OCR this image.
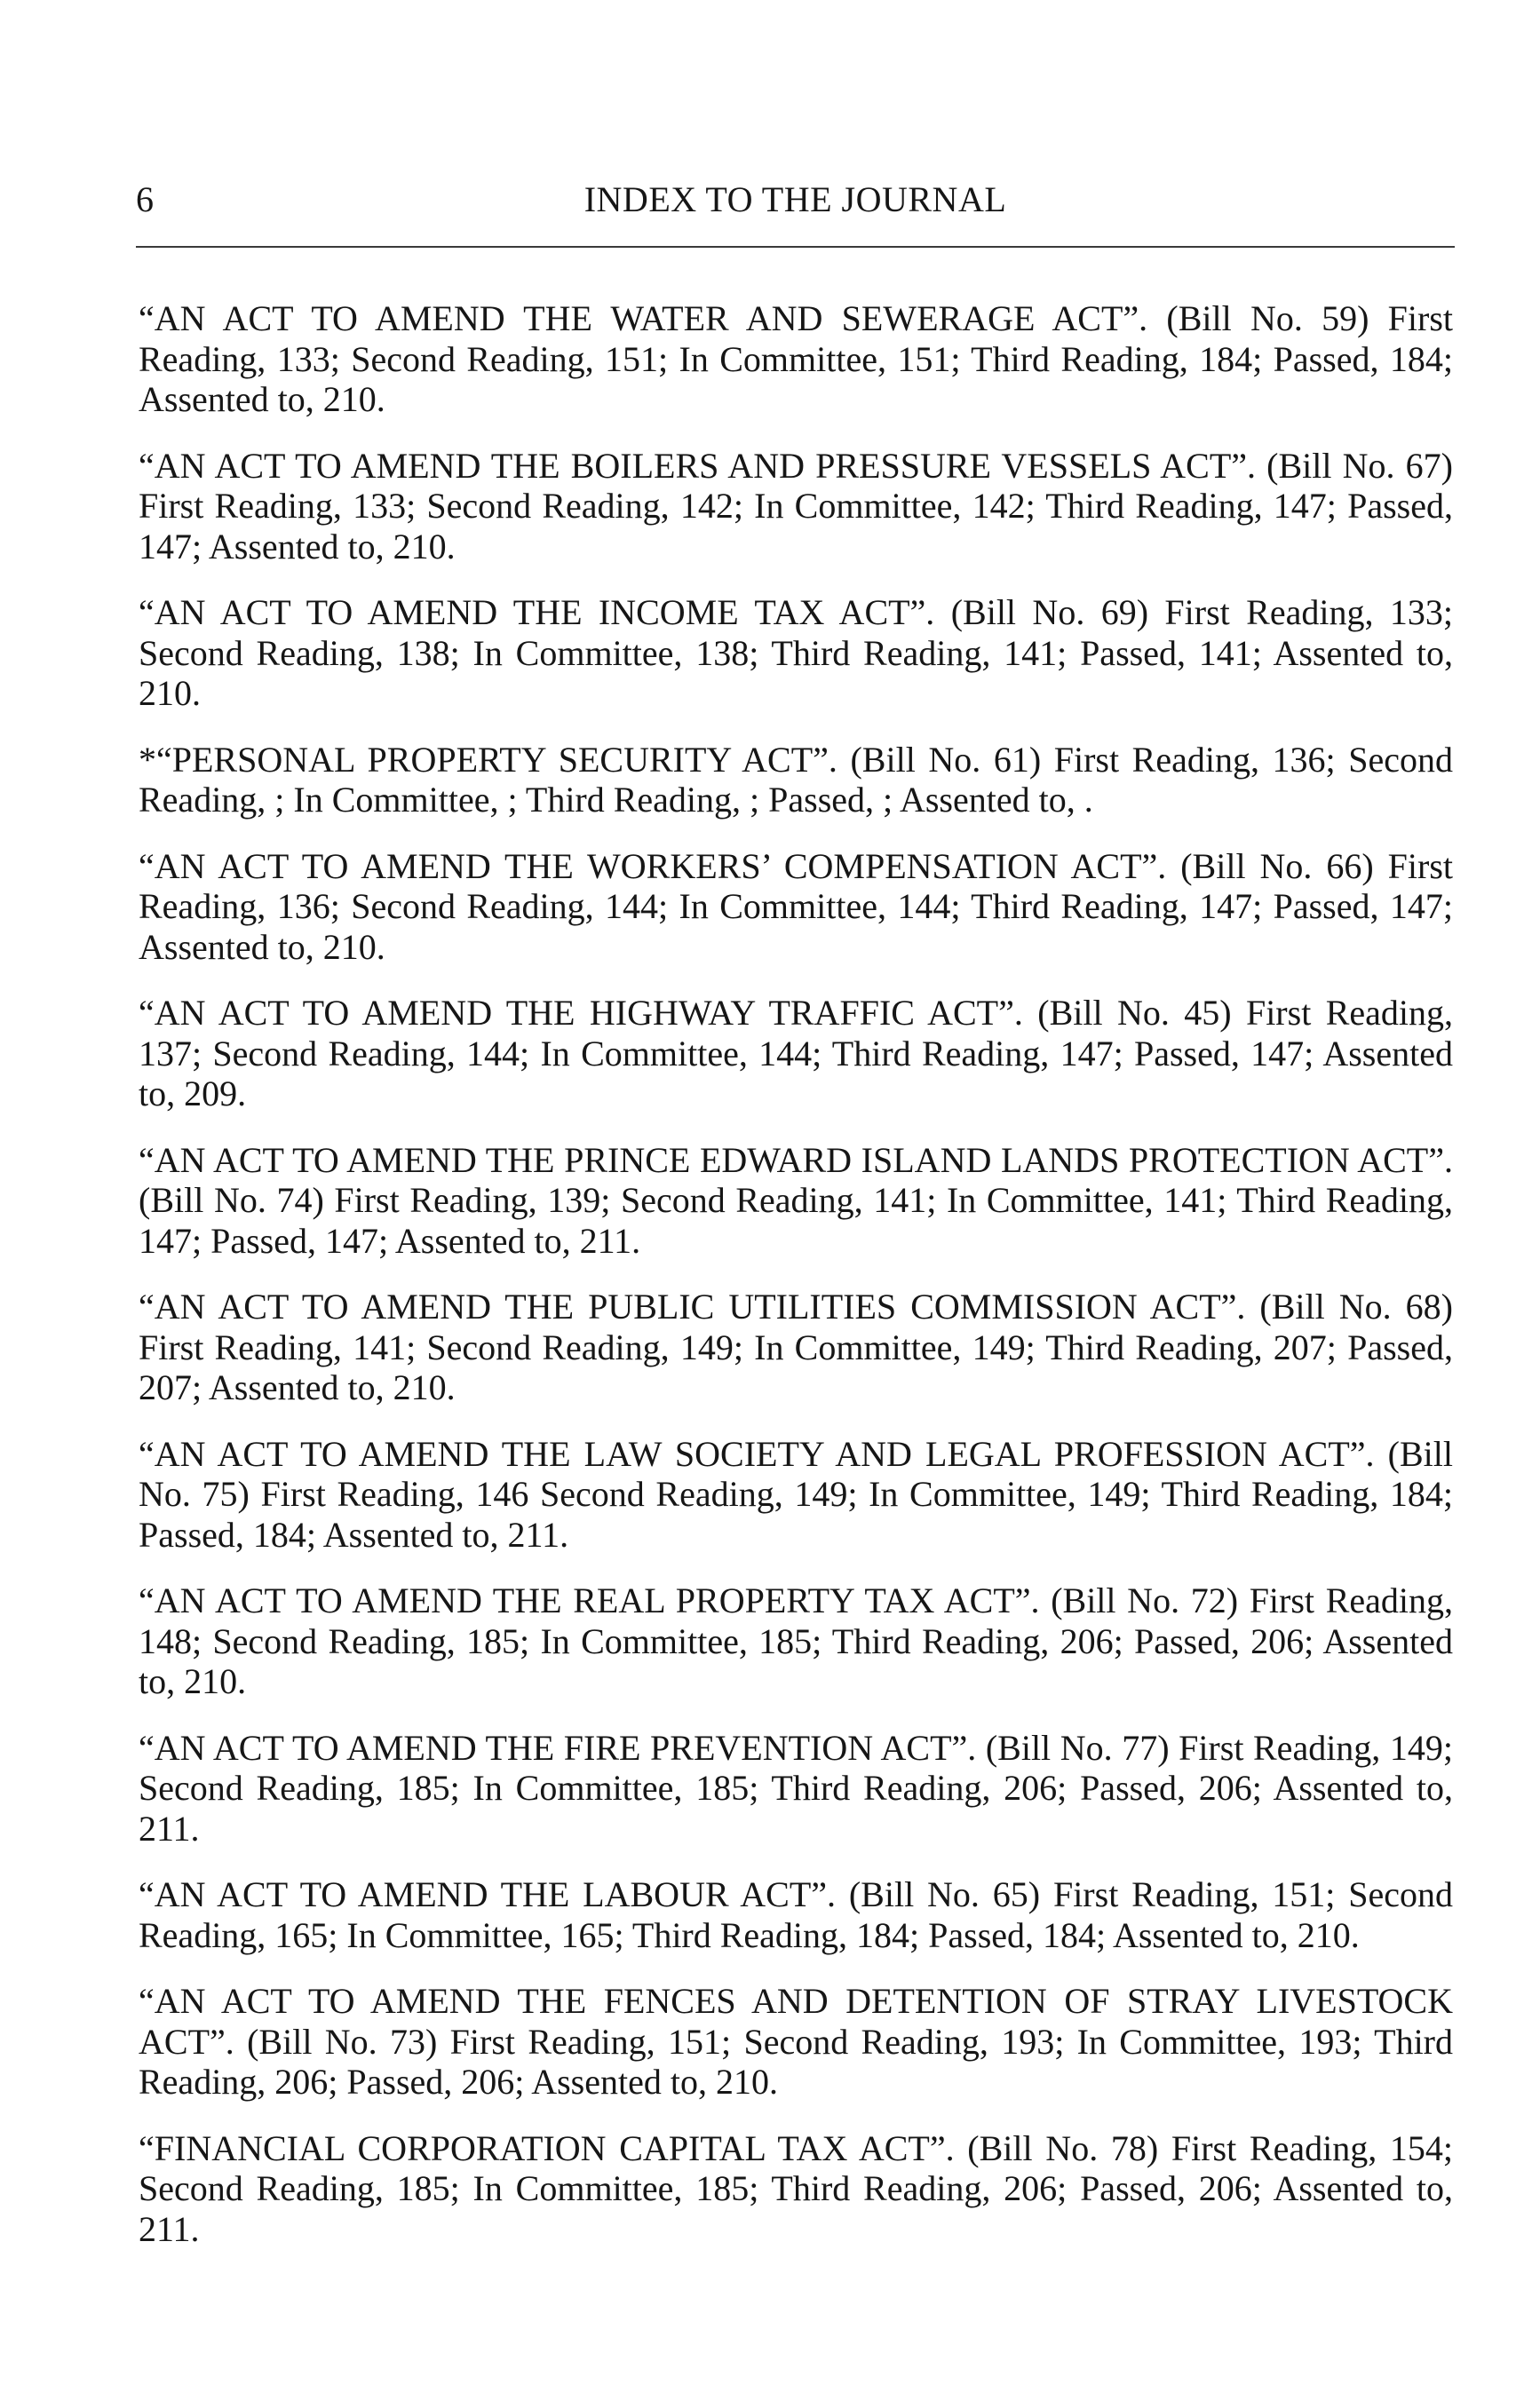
6	INDEX TO THE JOURNAL

“AN ACT TO AMEND THE WATER AND SEWERAGE ACT”. (Bill No. 59) First Reading, 133; Second Reading, 151; In Committee, 151; Third Reading, 184; Passed, 184; Assented to, 210.

“AN ACT TO AMEND THE BOILERS AND PRESSURE VESSELS ACT”. (Bill No. 67) First Reading, 133; Second Reading, 142; In Committee, 142; Third Reading, 147; Passed, 147; Assented to, 210.

“AN ACT TO AMEND THE INCOME TAX ACT”. (Bill No. 69) First Reading, 133; Second Reading, 138; In Committee, 138; Third Reading, 141; Passed, 141; Assented to, 210.

*“PERSONAL PROPERTY SECURITY ACT”. (Bill No. 61) First Reading, 136; Second Reading, ; In Committee, ; Third Reading, ; Passed, ; Assented to, .

“AN ACT TO AMEND THE WORKERS’ COMPENSATION ACT”. (Bill No. 66) First Reading, 136; Second Reading, 144; In Committee, 144; Third Reading, 147; Passed, 147; Assented to, 210.

“AN ACT TO AMEND THE HIGHWAY TRAFFIC ACT”. (Bill No. 45) First Reading, 137; Second Reading, 144; In Committee, 144; Third Reading, 147; Passed, 147; Assented to, 209.

“AN ACT TO AMEND THE PRINCE EDWARD ISLAND LANDS PROTECTION ACT”. (Bill No. 74) First Reading, 139; Second Reading, 141; In Committee, 141; Third Reading, 147; Passed, 147; Assented to, 211.

“AN ACT TO AMEND THE PUBLIC UTILITIES COMMISSION ACT”. (Bill No. 68) First Reading, 141; Second Reading, 149; In Committee, 149; Third Reading, 207; Passed, 207; Assented to, 210.

“AN ACT TO AMEND THE LAW SOCIETY AND LEGAL PROFESSION ACT”. (Bill No. 75) First Reading, 146 Second Reading, 149; In Committee, 149; Third Reading, 184; Passed, 184; Assented to, 211.

“AN ACT TO AMEND THE REAL PROPERTY TAX ACT”. (Bill No. 72) First Reading, 148; Second Reading, 185; In Committee, 185; Third Reading, 206; Passed, 206; Assented to, 210.

“AN ACT TO AMEND THE FIRE PREVENTION ACT”. (Bill No. 77) First Reading, 149; Second Reading, 185; In Committee, 185; Third Reading, 206; Passed, 206; Assented to, 211.

“AN ACT TO AMEND THE LABOUR ACT”. (Bill No. 65) First Reading, 151; Second Reading, 165; In Committee, 165; Third Reading, 184; Passed, 184; Assented to, 210.

“AN ACT TO AMEND THE FENCES AND DETENTION OF STRAY LIVESTOCK ACT”. (Bill No. 73) First Reading, 151; Second Reading, 193; In Committee, 193; Third Reading, 206; Passed, 206; Assented to, 210.

“FINANCIAL CORPORATION CAPITAL TAX ACT”. (Bill No. 78) First Reading, 154; Second Reading, 185; In Committee, 185; Third Reading, 206; Passed, 206; Assented to, 211.
